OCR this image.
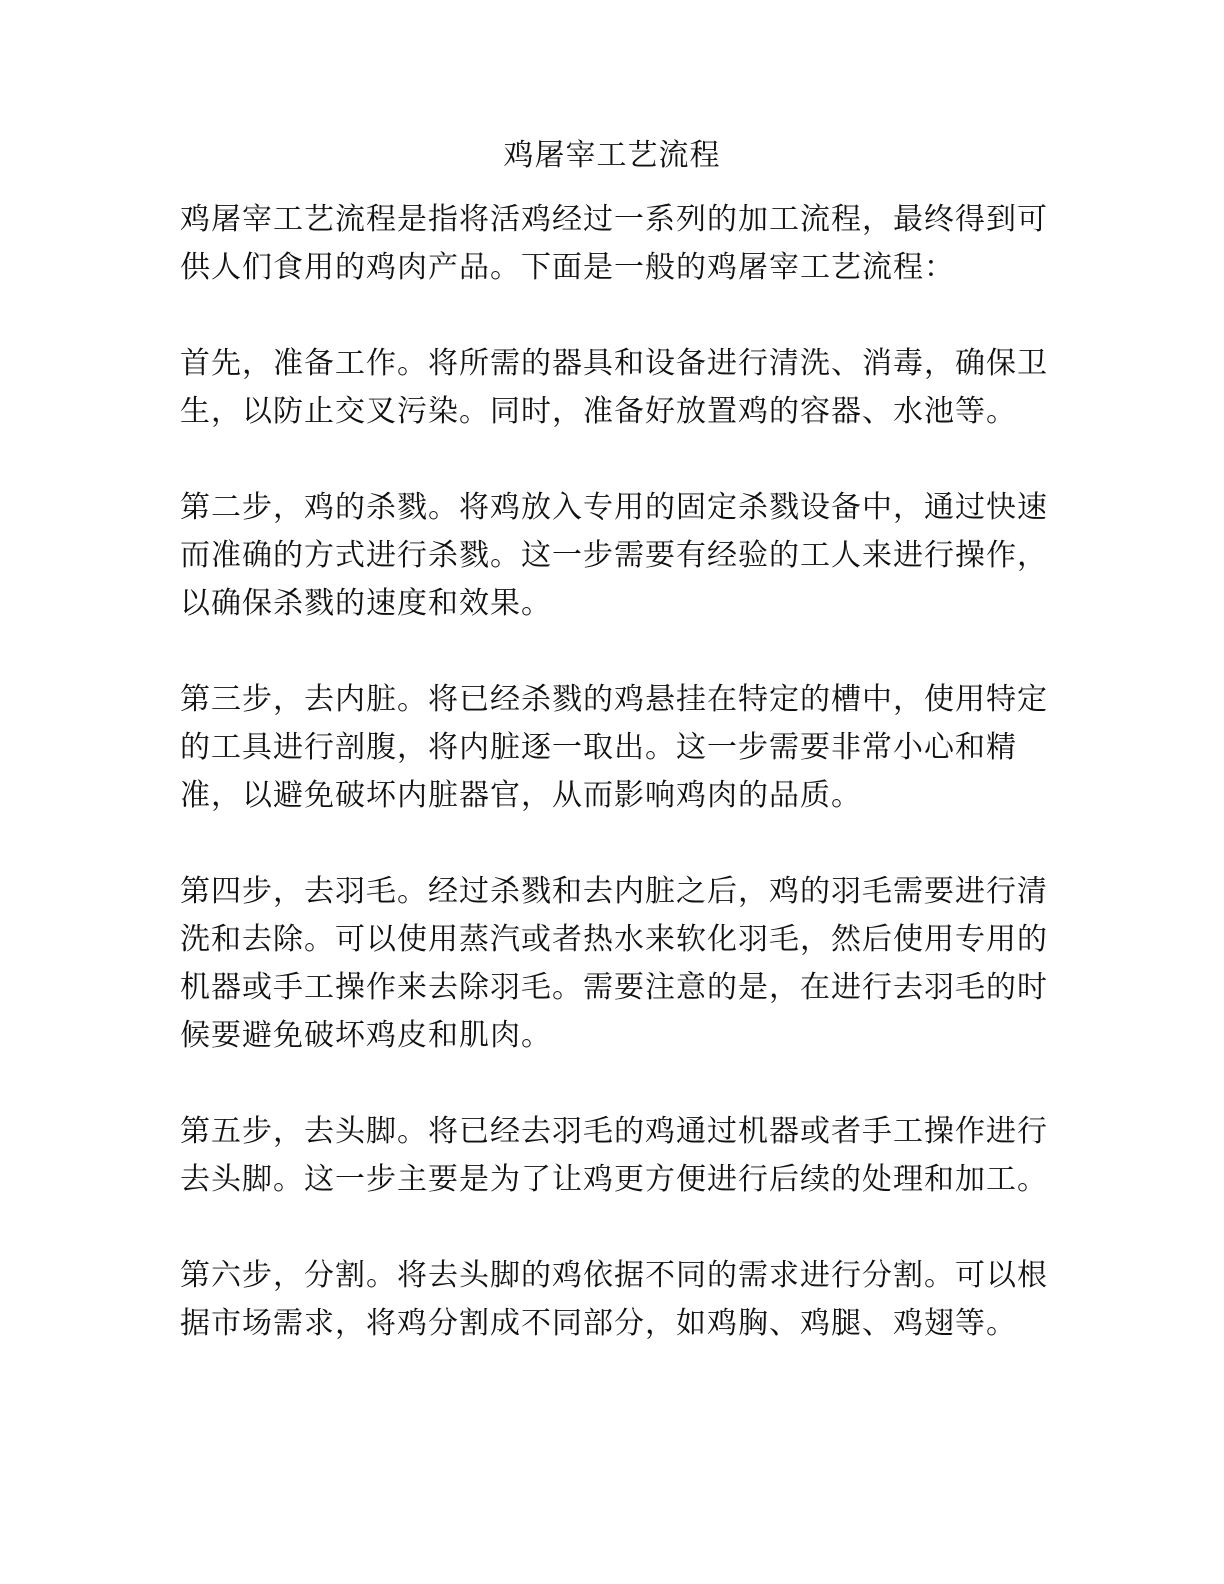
鸡屠宰工艺流程

鸡屠宰工艺流程是指将活鸡经过一系列的加工流程，最终得到可供人们食用的鸡肉产品。下面是一般的鸡屠宰工艺流程：

首先，准备工作。将所需的器具和设备进行清洗、消毒，确保卫生，以防止交叉污染。同时，准备好放置鸡的容器、水池等。

第二步，鸡的杀戮。将鸡放入专用的固定杀戮设备中，通过快速而准确的方式进行杀戮。这一步需要有经验的工人来进行操作，以确保杀戮的速度和效果。

第三步，去内脏。将已经杀戮的鸡悬挂在特定的槽中，使用特定的工具进行剖腹，将内脏逐一取出。这一步需要非常小心和精准，以避免破坏内脏器官，从而影响鸡肉的品质。

第四步，去羽毛。经过杀戮和去内脏之后，鸡的羽毛需要进行清洗和去除。可以使用蒸汽或者热水来软化羽毛，然后使用专用的机器或手工操作来去除羽毛。需要注意的是，在进行去羽毛的时候要避免破坏鸡皮和肌肉。

第五步，去头脚。将已经去羽毛的鸡通过机器或者手工操作进行去头脚。这一步主要是为了让鸡更方便进行后续的处理和加工。

第六步，分割。将去头脚的鸡依据不同的需求进行分割。可以根据市场需求，将鸡分割成不同部分，如鸡胸、鸡腿、鸡翅等。
